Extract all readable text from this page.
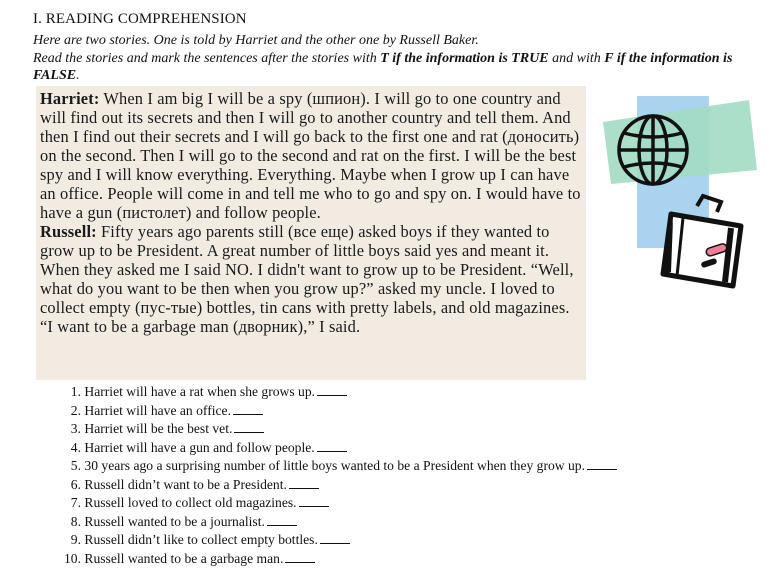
I. READING COMPREHENSION
Here are two stories. One is told by Harriet and the other one by Russell Baker.
Read the stories and mark the sentences after the stories with T if the information is TRUE and with F if the information is FALSE.
Harriet: When I am big I will be a spy (шпион). I will go to one country and will find out its secrets and then I will go to another country and tell them. And then I find out their secrets and I will go back to the first one and rat (доносить) on the second. Then I will go to the second and rat on the first. I will be the best spy and I will know everything. Everything. Maybe when I grow up I can have an office. People will come in and tell me who to go and spy on. I would have to have a gun (пистолет) and follow people.
Russell: Fifty years ago parents still (все еще) asked boys if they wanted to grow up to be President. A great number of little boys said yes and meant it. When they asked me I said NO. I didn't want to grow up to be President. “Well, what do you want to be then when you grow up?” asked my uncle. I loved to collect empty (пус-тые) bottles, tin cans with pretty labels, and old magazines. “I want to be a garbage man (дворник),” I said.
1. Harriet will have a rat when she grows up.
2. Harriet will have an office.
3. Harriet will be the best vet.
4. Harriet will have a gun and follow people.
5. 30 years ago a surprising number of little boys wanted to be a President when they grow up.
6. Russell didn’t want to be a President.
7. Russell loved to collect old magazines.
8. Russell wanted to be a journalist.
9. Russell didn’t like to collect empty bottles.
10. Russell wanted to be a garbage man.
